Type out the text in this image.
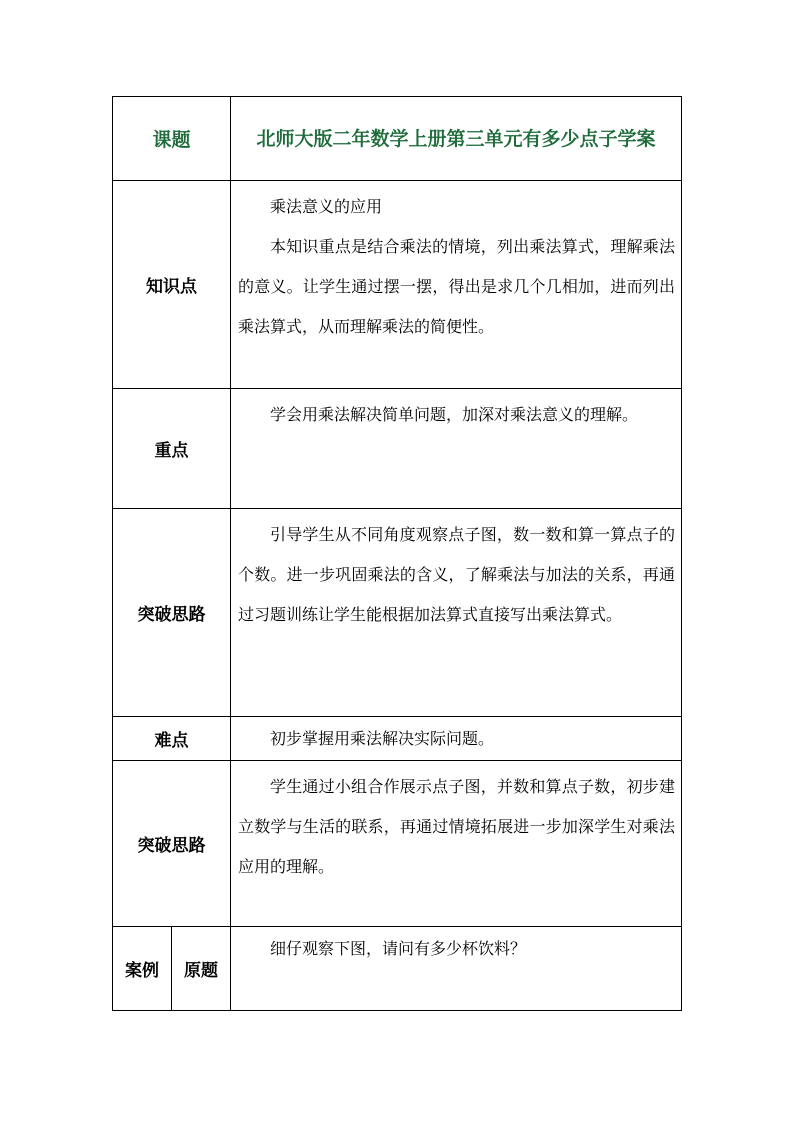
课题		北师大版二年数学上册第三单元有多少点子学案
知识点		乘法意义的应用

本知识重点是结合乘法的情境，列出乘法算式，理解乘法的意义。让学生通过摆一摆，得出是求几个几相加，进而列出乘法算式，从而理解乘法的简便性。

重点		学会用乘法解决简单问题，加深对乘法意义的理解。

突破思路		引导学生从不同角度观察点子图，数一数和算一算点子的个数。进一步巩固乘法的含义，了解乘法与加法的关系，再通过习题训练让学生能根据加法算式直接写出乘法算式。

难点		初步掌握用乘法解决实际问题。

突破思路		学生通过小组合作展示点子图，并数和算点子数，初步建立数学与生活的联系，再通过情境拓展进一步加深学生对乘法应用的理解。

案例	原题	细仔观察下图，请问有多少杯饮料？
